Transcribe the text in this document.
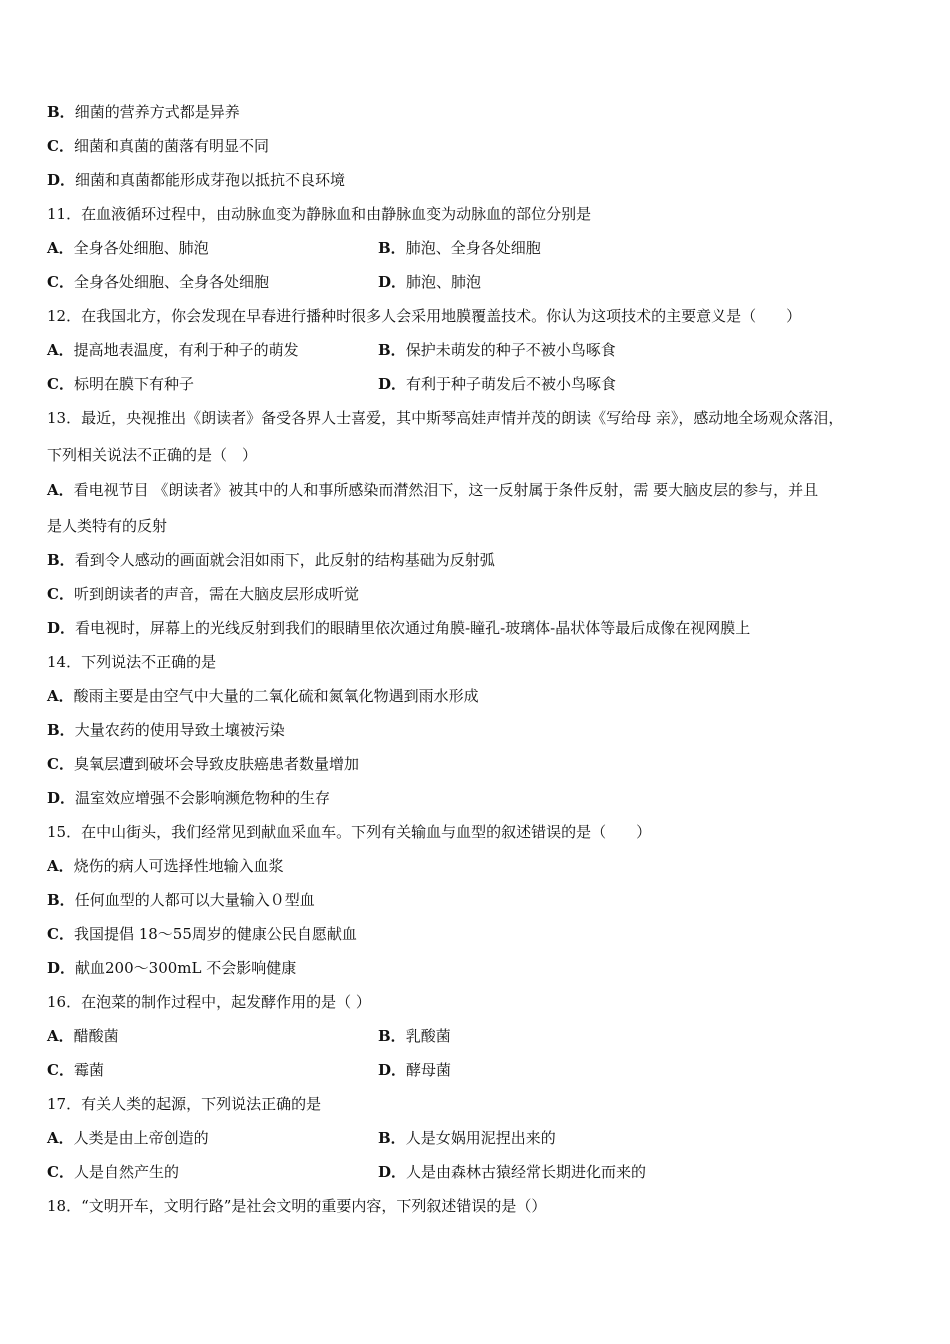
B．细菌的营养方式都是异养
C．细菌和真菌的菌落有明显不同
D．细菌和真菌都能形成芽孢以抵抗不良环境
11．在血液循环过程中，由动脉血变为静脉血和由静脉血变为动脉血的部位分别是
A．全身各处细胞、肺泡	B．肺泡、全身各处细胞
C．全身各处细胞、全身各处细胞	D．肺泡、肺泡
12．在我国北方，你会发现在早春进行播种时很多人会采用地膜覆盖技术。你认为这项技术的主要意义是（　　）
A．提高地表温度，有利于种子的萌发	B．保护未萌发的种子不被小鸟啄食
C．标明在膜下有种子	D．有利于种子萌发后不被小鸟啄食
13．最近，央视推出《朗读者》备受各界人士喜爱，其中斯琴高娃声情并茂的朗读《写给母 亲》，感动地全场观众落泪，
下列相关说法不正确的是（　）
A．看电视节目 《朗读者》被其中的人和事所感染而潸然泪下，这一反射属于条件反射，需 要大脑皮层的参与，并且
是人类特有的反射
B．看到令人感动的画面就会泪如雨下，此反射的结构基础为反射弧
C．听到朗读者的声音，需在大脑皮层形成听觉
D．看电视时，屏幕上的光线反射到我们的眼睛里依次通过角膜-瞳孔-玻璃体-晶状体等最后成像在视网膜上
14．下列说法不正确的是
A．酸雨主要是由空气中大量的二氧化硫和氮氧化物遇到雨水形成
B．大量农药的使用导致土壤被污染
C．臭氧层遭到破坏会导致皮肤癌患者数量增加
D．温室效应增强不会影响濒危物种的生存
15．在中山街头，我们经常见到献血采血车。下列有关输血与血型的叙述错误的是（　　）
A．烧伤的病人可选择性地输入血浆
B．任何血型的人都可以大量输入０型血
C．我国提倡 18～55周岁的健康公民自愿献血
D．献血200～300mL 不会影响健康
16．在泡菜的制作过程中，起发酵作用的是（ ）
A．醋酸菌	B．乳酸菌
C．霉菌	D．酵母菌
17．有关人类的起源，下列说法正确的是
A．人类是由上帝创造的	B．人是女娲用泥捏出来的
C．人是自然产生的	D．人是由森林古猿经常长期进化而来的
18．“文明开车，文明行路”是社会文明的重要内容，下列叙述错误的是（）
